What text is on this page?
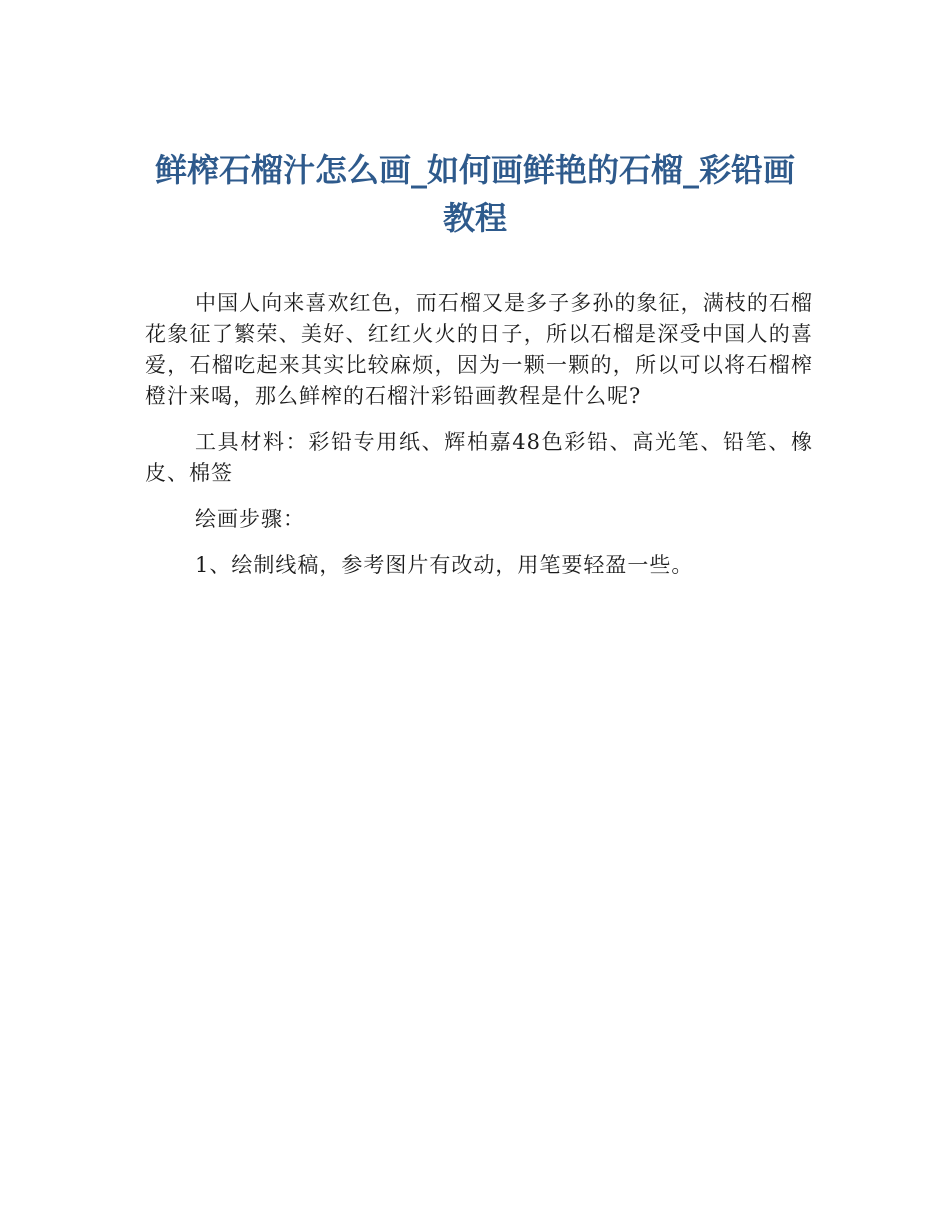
鲜榨石榴汁怎么画_如何画鲜艳的石榴_彩铅画教程

中国人向来喜欢红色，而石榴又是多子多孙的象征，满枝的石榴花象征了繁荣、美好、红红火火的日子，所以石榴是深受中国人的喜爱，石榴吃起来其实比较麻烦，因为一颗一颗的，所以可以将石榴榨橙汁来喝，那么鲜榨的石榴汁彩铅画教程是什么呢?

工具材料：彩铅专用纸、辉柏嘉48色彩铅、高光笔、铅笔、橡皮、棉签

绘画步骤：

1、绘制线稿，参考图片有改动，用笔要轻盈一些。
